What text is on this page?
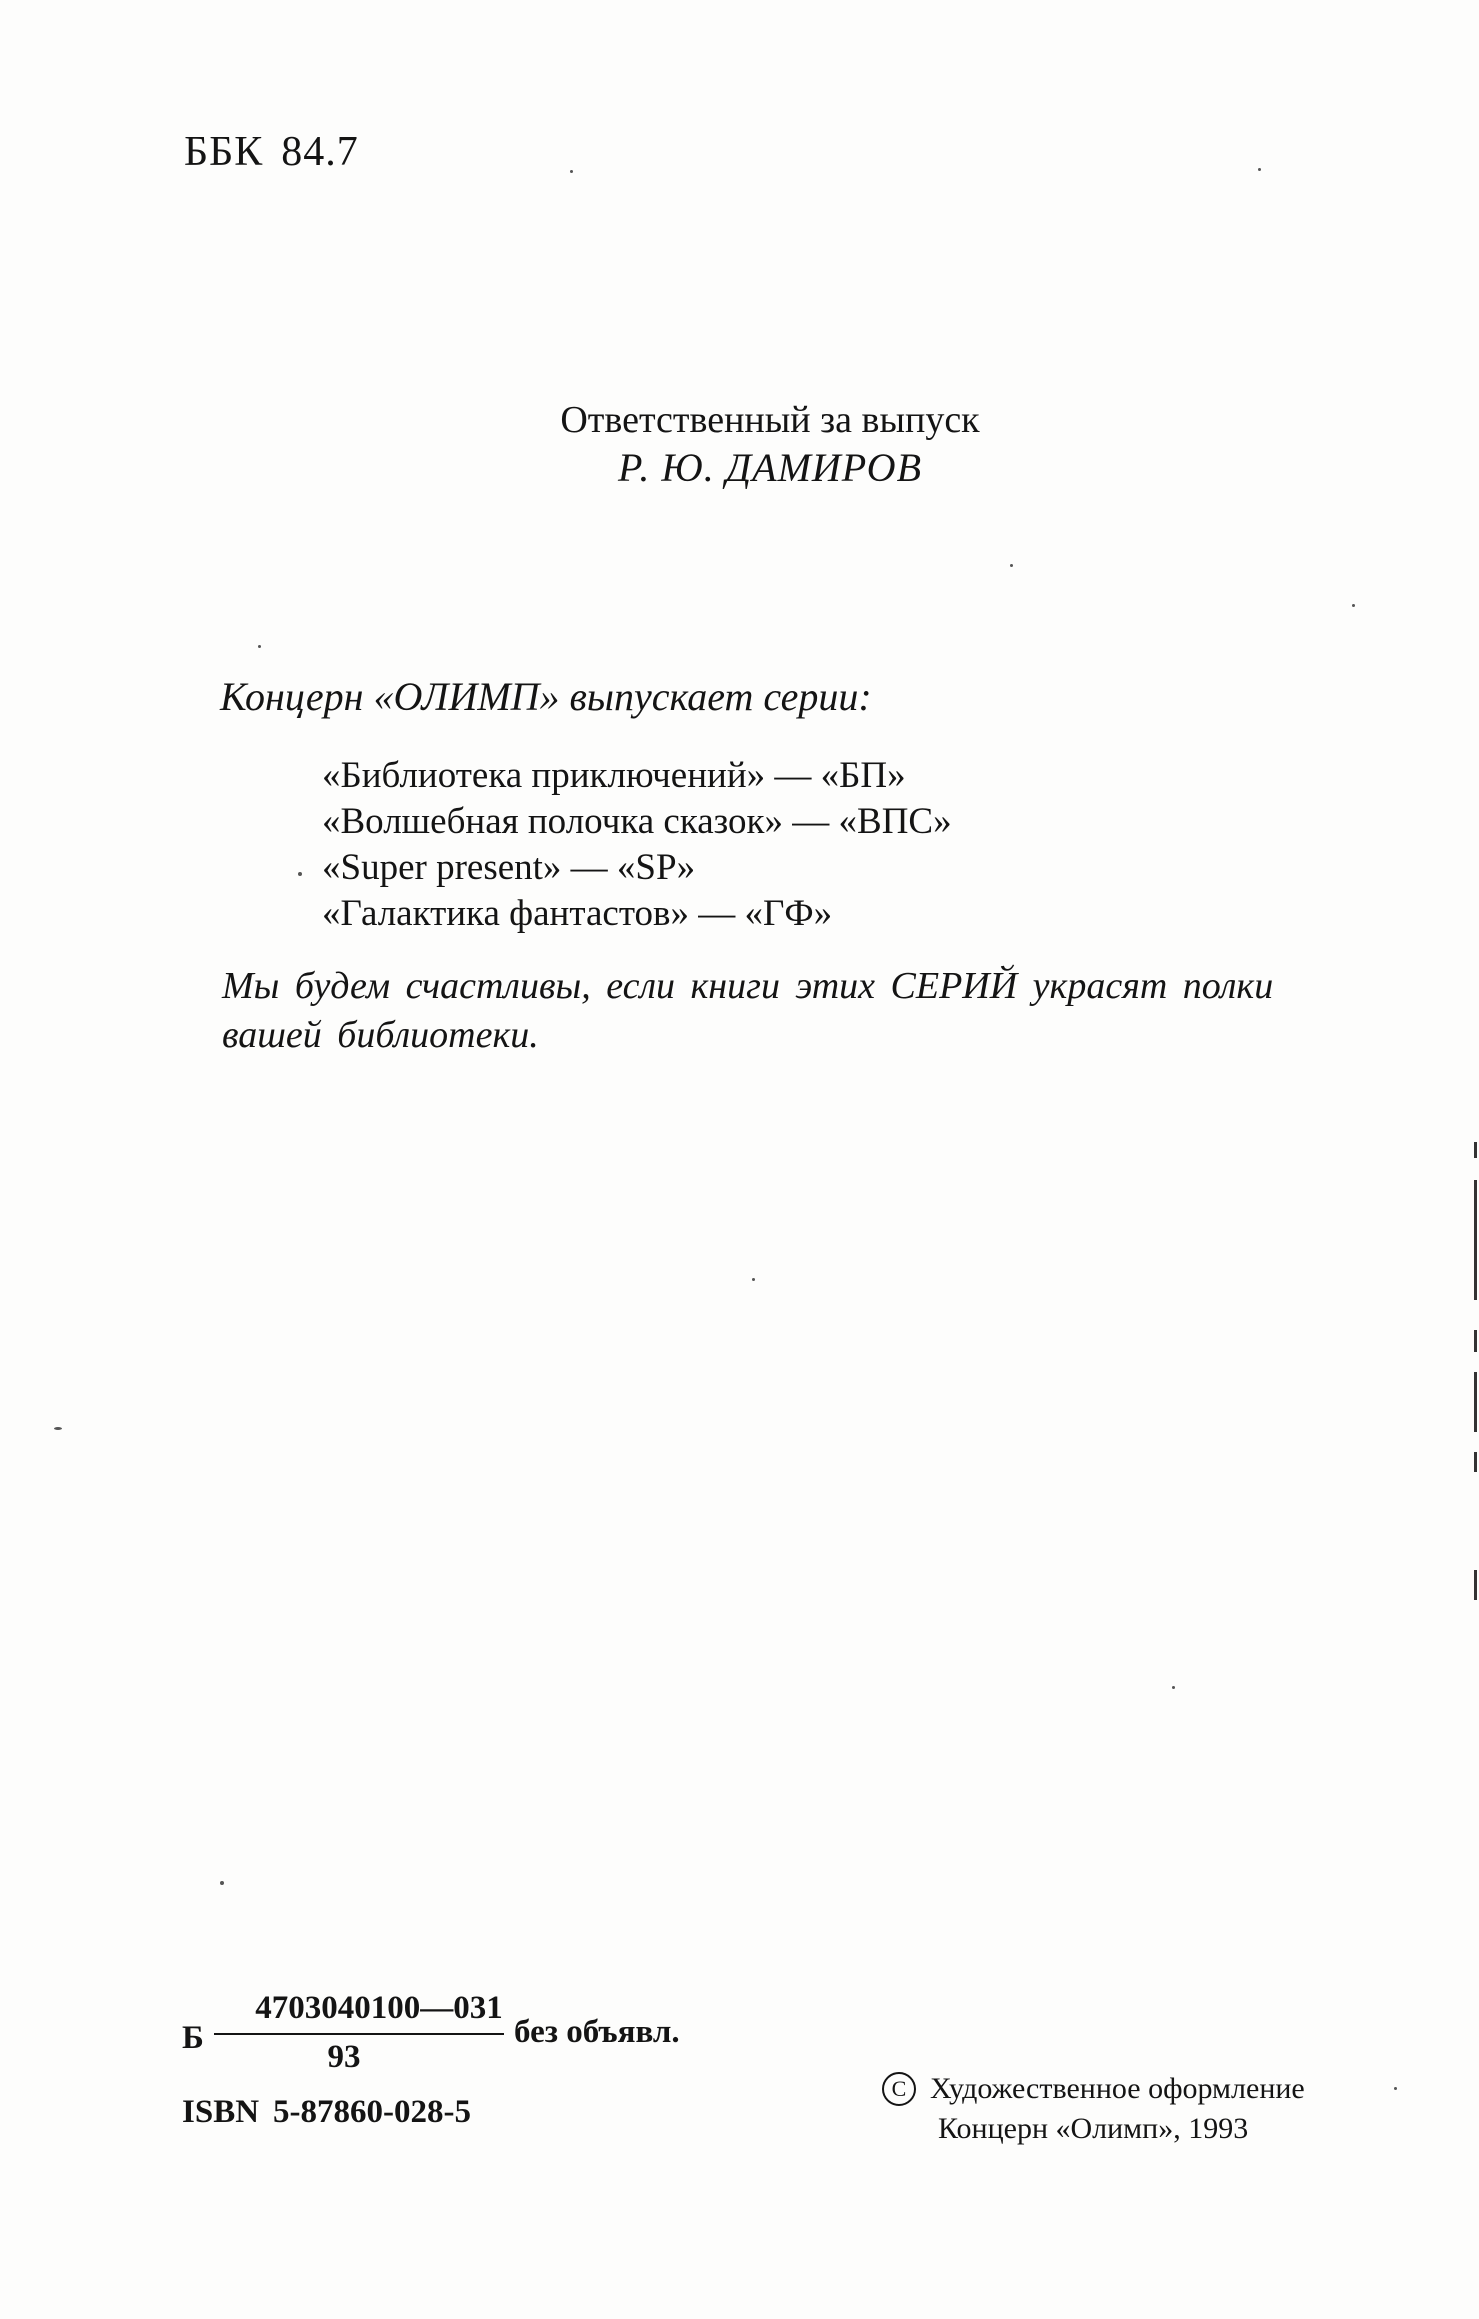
ББК 84.7
Ответственный за выпуск
Р. Ю. ДАМИРОВ
Концерн «ОЛИМП» выпускает серии:
«Библиотека приключений» — «БП»
«Волшебная полочка сказок» — «ВПС»
«Super present» — «SP»
«Галактика фантастов» — «ГФ»
Мы будем счастливы, если книги этих СЕРИЙ украсят полки вашей библиотеки.
Б
4703040100—031
93
без объявл.
ISBN 5-87860-028-5
C Художественное оформление
Концерн «Олимп», 1993
